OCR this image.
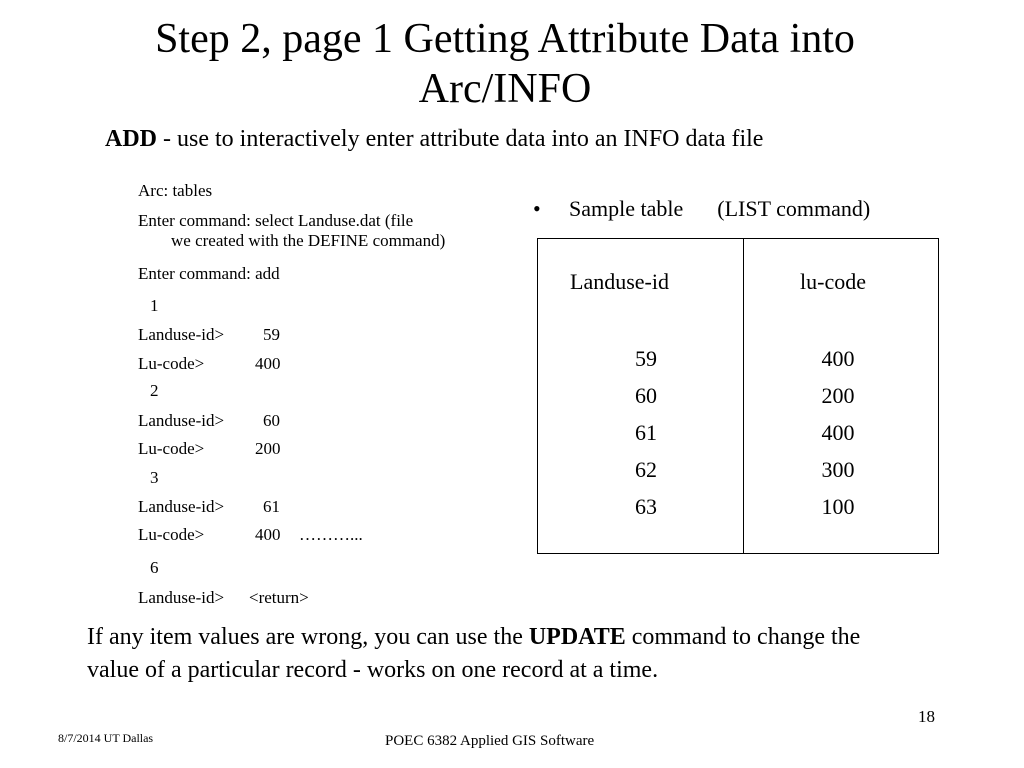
Step 2, page 1 Getting Attribute Data into
Arc/INFO
ADD - use to interactively enter attribute data into an INFO data file
Arc: tables
Enter command: select Landuse.dat (file
we created with the DEFINE command)
Enter command: add
1
Landuse-id> 59
Lu-code>	400
2
Landuse-id> 60
Lu-code>	200
3
Landuse-id> 61
Lu-code>	400 ………...
6
Landuse-id> <return>
• Sample table (LIST command)
Landuse-id	lu-code
59	400
60	200
61	400
62	300
63	100
If any item values are wrong, you can use the UPDATE command to change the value of a particular record - works on one record at a time.
18
8/7/2014 UT Dallas	POEC 6382 Applied GIS Software
